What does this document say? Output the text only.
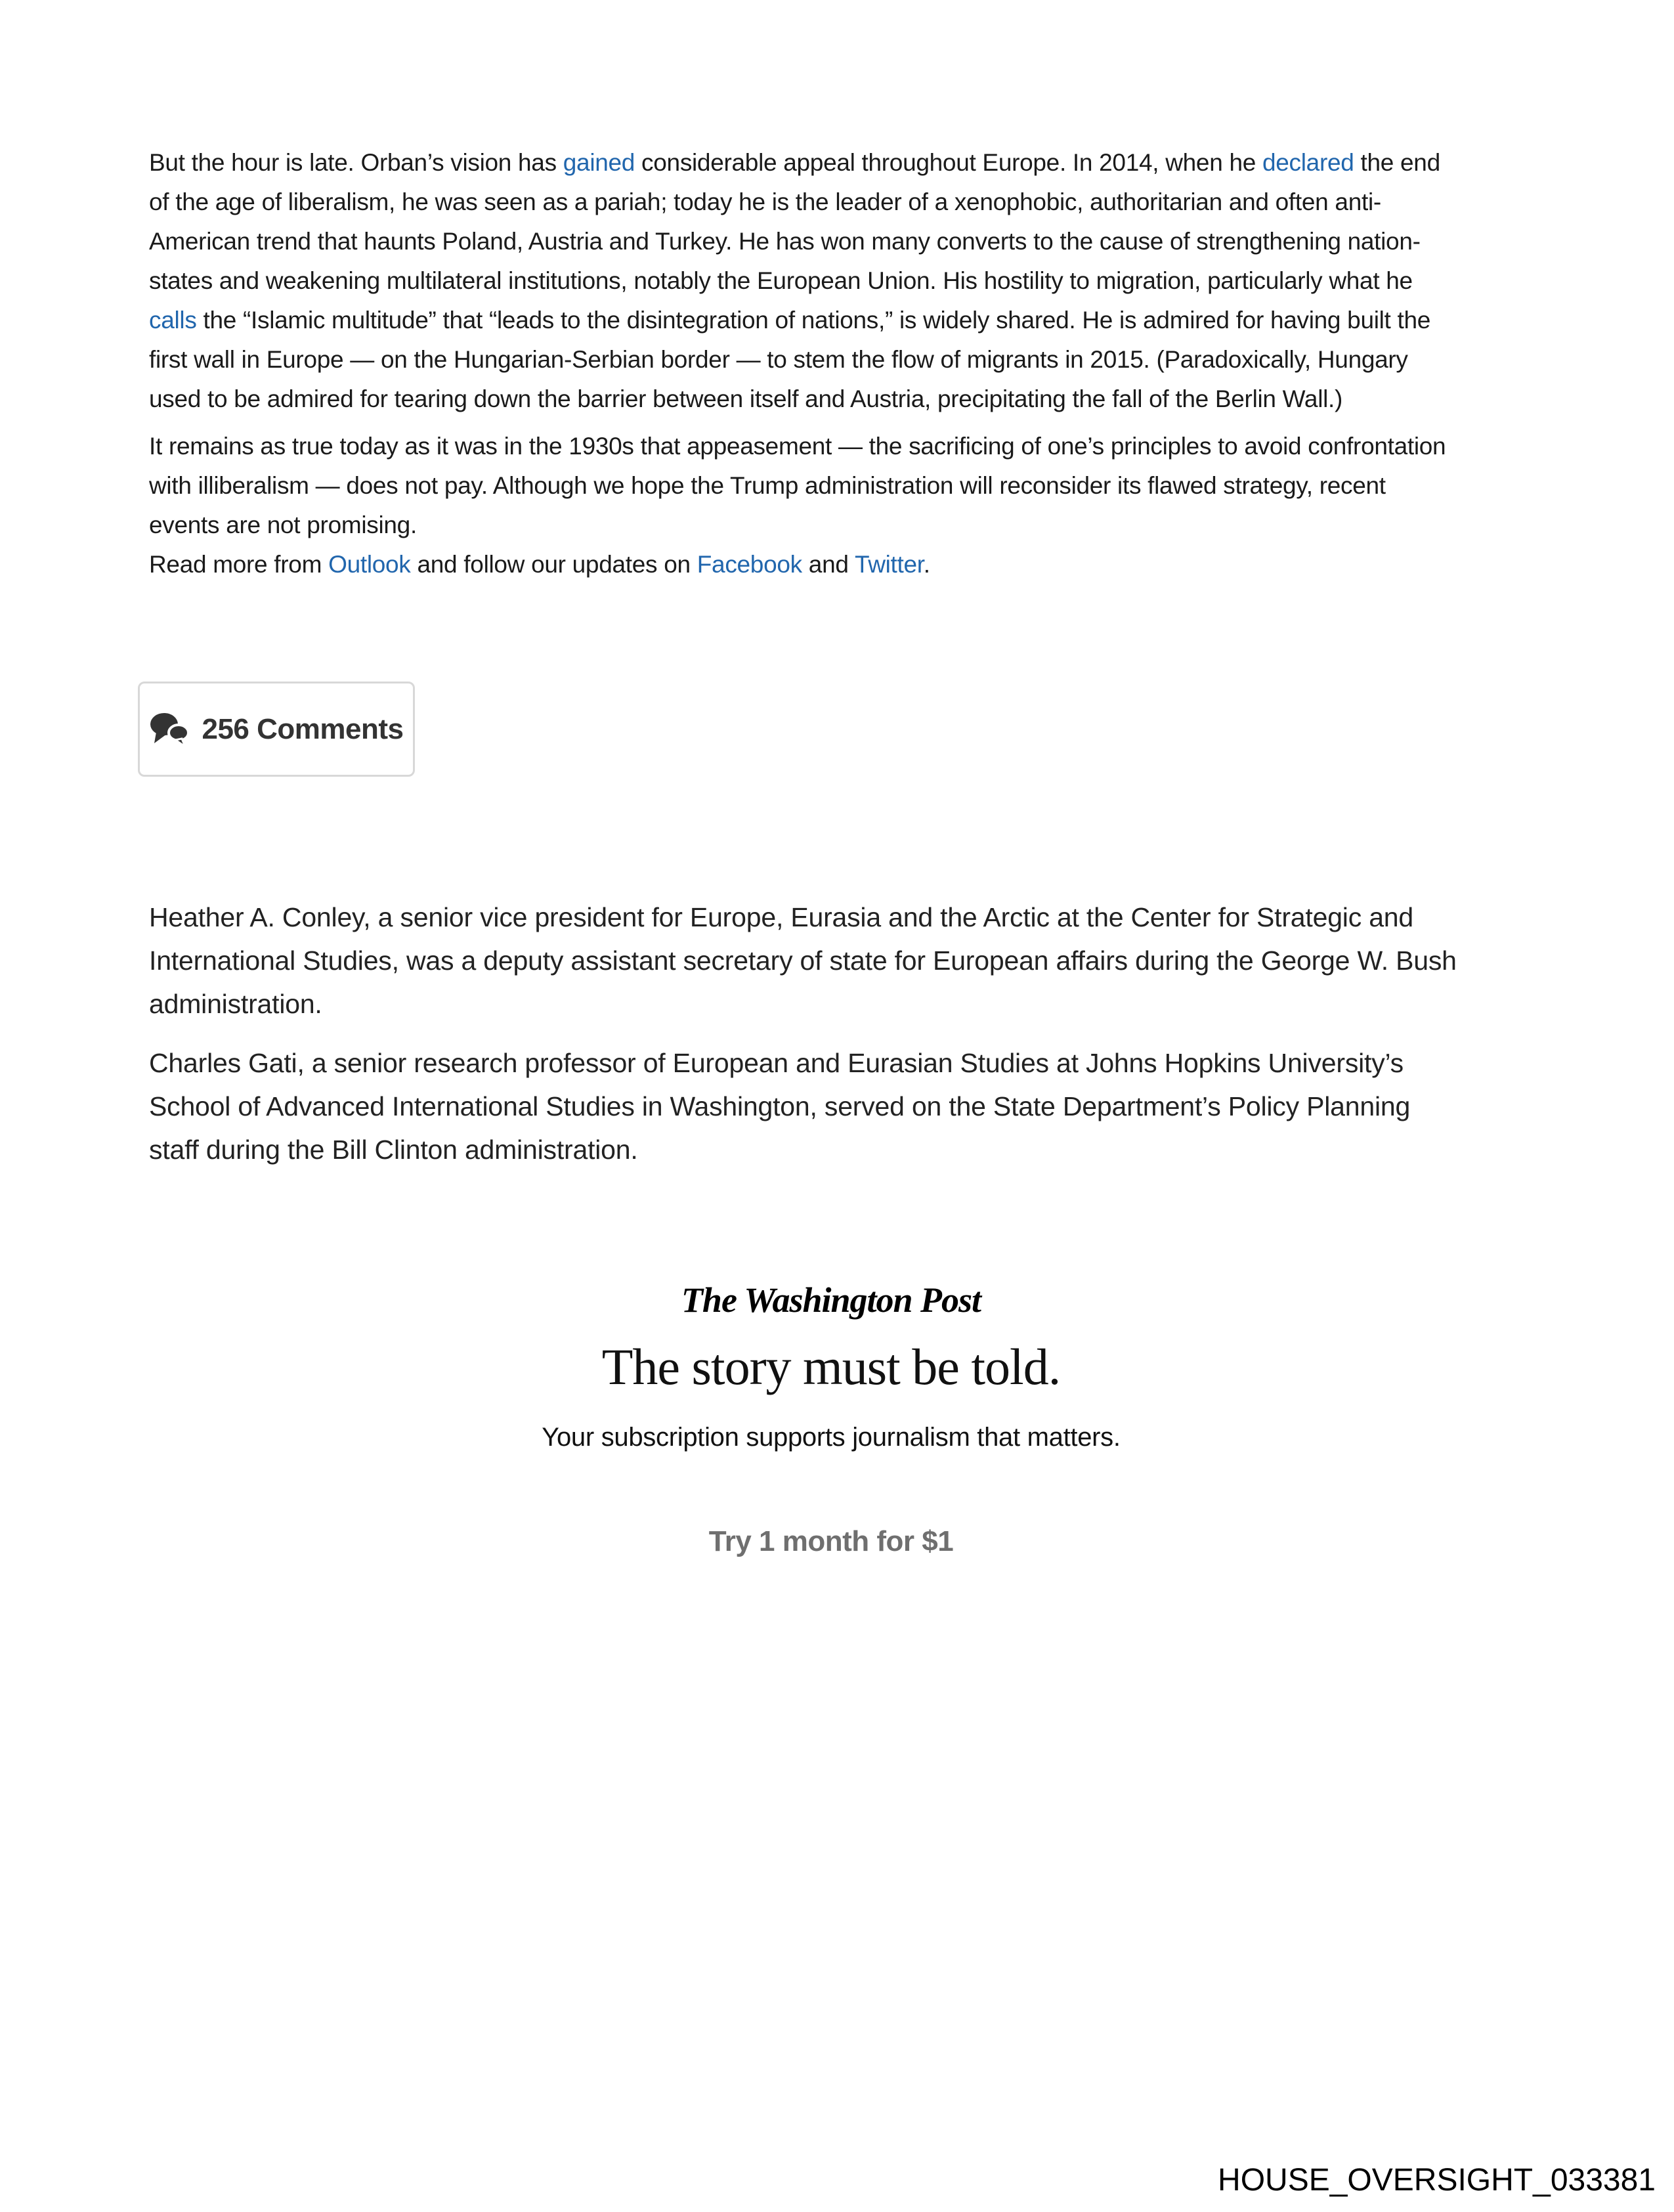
But the hour is late. Orban’s vision has gained considerable appeal throughout Europe. In 2014, when he declared the end of the age of liberalism, he was seen as a pariah; today he is the leader of a xenophobic, authoritarian and often anti-American trend that haunts Poland, Austria and Turkey. He has won many converts to the cause of strengthening nation-states and weakening multilateral institutions, notably the European Union. His hostility to migration, particularly what he calls the “Islamic multitude” that “leads to the disintegration of nations,” is widely shared. He is admired for having built the first wall in Europe — on the Hungarian-Serbian border — to stem the flow of migrants in 2015. (Paradoxically, Hungary used to be admired for tearing down the barrier between itself and Austria, precipitating the fall of the Berlin Wall.)

It remains as true today as it was in the 1930s that appeasement — the sacrificing of one’s principles to avoid confrontation with illiberalism — does not pay. Although we hope the Trump administration will reconsider its flawed strategy, recent events are not promising.

Read more from Outlook and follow our updates on Facebook and Twitter.

256 Comments

Heather A. Conley, a senior vice president for Europe, Eurasia and the Arctic at the Center for Strategic and International Studies, was a deputy assistant secretary of state for European affairs during the George W. Bush administration.

Charles Gati, a senior research professor of European and Eurasian Studies at Johns Hopkins University’s School of Advanced International Studies in Washington, served on the State Department’s Policy Planning staff during the Bill Clinton administration.

The Washington Post
The story must be told.
Your subscription supports journalism that matters.
Try 1 month for $1
HOUSE_OVERSIGHT_033381
